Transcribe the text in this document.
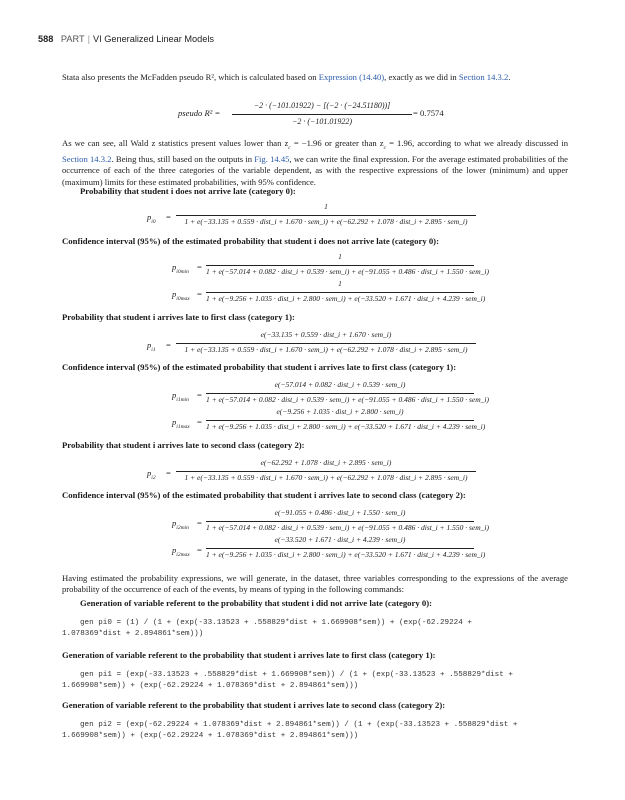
588 PART | VI Generalized Linear Models
Stata also presents the McFadden pseudo R², which is calculated based on Expression (14.40), exactly as we did in Section 14.3.2.
pseudo R² =
−2 · (−101.01922) − [(−2 · (−24.51180))]
−2 · (−101.01922)
= 0.7574
As we can see, all Wald z statistics present values lower than $z_c = -1.96$ or greater than $z_c = 1.96$, according to what we already discussed in Section 14.3.2. Being thus, still based on the outputs in Fig. 14.45, we can write the final expression. For the average estimated probabilities of the occurrence of each of the three categories of the variable dependent, as with the respective expressions of the lower (minimum) and upper (maximum) limits for these estimated probabilities, with 95% confidence.
Probability that student i does not arrive late (category 0):
$p_{i0}$ =
1
1 + e(−33.135 + 0.559 · dist_i + 1.670 · sem_i) + e(−62.292 + 1.078 · dist_i + 2.895 · sem_i)
Confidence interval (95%) of the estimated probability that student i does not arrive late (category 0):
$p_{i0min}$ =
1
1 + e(−57.014 + 0.082 · dist_i + 0.539 · sem_i) + e(−91.055 + 0.486 · dist_i + 1.550 · sem_i)
$p_{i0max}$ =
1
1 + e(−9.256 + 1.035 · dist_i + 2.800 · sem_i) + e(−33.520 + 1.671 · dist_i + 4.239 · sem_i)
Probability that student i arrives late to first class (category 1):
$p_{i1}$ =
e(−33.135 + 0.559 · dist_i + 1.670 · sem_i)
1 + e(−33.135 + 0.559 · dist_i + 1.670 · sem_i) + e(−62.292 + 1.078 · dist_i + 2.895 · sem_i)
Confidence interval (95%) of the estimated probability that student i arrives late to first class (category 1):
$p_{i1min}$ =
e(−57.014 + 0.082 · dist_i + 0.539 · sem_i)
1 + e(−57.014 + 0.082 · dist_i + 0.539 · sem_i) + e(−91.055 + 0.486 · dist_i + 1.550 · sem_i)
$p_{i1max}$ =
e(−9.256 + 1.035 · dist_i + 2.800 · sem_i)
1 + e(−9.256 + 1.035 · dist_i + 2.800 · sem_i) + e(−33.520 + 1.671 · dist_i + 4.239 · sem_i)
Probability that student i arrives late to second class (category 2):
$p_{i2}$ =
e(−62.292 + 1.078 · dist_i + 2.895 · sem_i)
1 + e(−33.135 + 0.559 · dist_i + 1.670 · sem_i) + e(−62.292 + 1.078 · dist_i + 2.895 · sem_i)
Confidence interval (95%) of the estimated probability that student i arrives late to second class (category 2):
$p_{i2min}$ =
e(−91.055 + 0.486 · dist_i + 1.550 · sem_i)
1 + e(−57.014 + 0.082 · dist_i + 0.539 · sem_i) + e(−91.055 + 0.486 · dist_i + 1.550 · sem_i)
$p_{i2max}$ =
e(−33.520 + 1.671 · dist_i + 4.239 · sem_i)
1 + e(−9.256 + 1.035 · dist_i + 2.800 · sem_i) + e(−33.520 + 1.671 · dist_i + 4.239 · sem_i)
Having estimated the probability expressions, we will generate, in the dataset, three variables corresponding to the expressions of the average probability of the occurrence of each of the events, by means of typing in the following commands:
Generation of variable referent to the probability that student i did not arrive late (category 0):
gen pi0 = (1) / (1 + (exp(-33.13523 + .558829*dist + 1.669908*sem)) + (exp(-62.29224 +
1.078369*dist + 2.894861*sem)))
Generation of variable referent to the probability that student i arrives late to first class (category 1):
gen pi1 = (exp(-33.13523 + .558829*dist + 1.669908*sem)) / (1 + (exp(-33.13523 + .558829*dist +
1.669908*sem)) + (exp(-62.29224 + 1.078369*dist + 2.894861*sem)))
Generation of variable referent to the probability that student i arrives late to second class (category 2):
gen pi2 = (exp(-62.29224 + 1.078369*dist + 2.894861*sem)) / (1 + (exp(-33.13523 + .558829*dist +
1.669908*sem)) + (exp(-62.29224 + 1.078369*dist + 2.894861*sem)))
